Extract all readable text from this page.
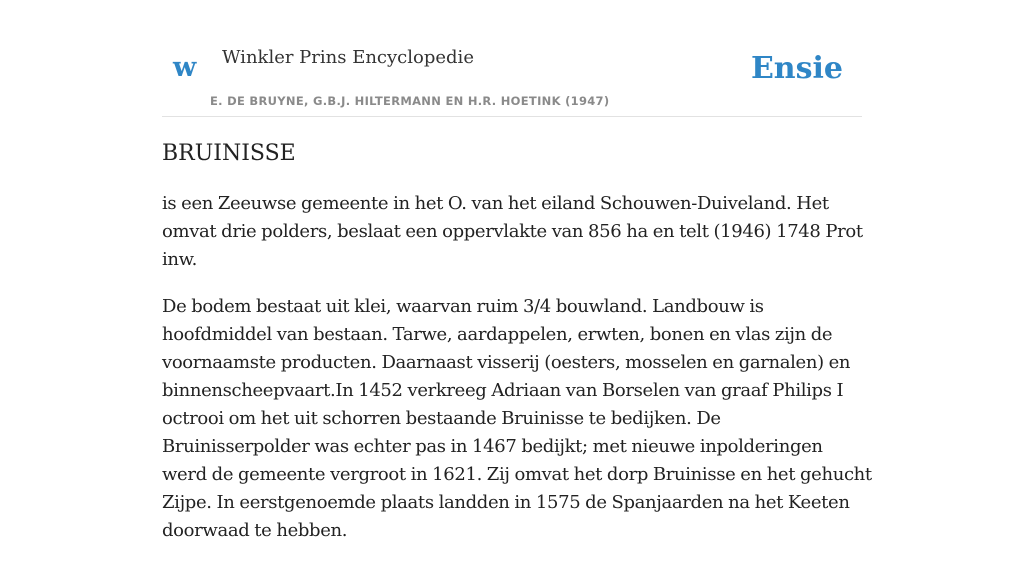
w Winkler Prins Encyclopedie
E. DE BRUYNE, G.B.J. HILTERMANN EN H.R. HOETINK (1947)
Ensie
BRUINISSE

is een Zeeuwse gemeente in het O. van het eiland Schouwen-Duiveland. Het omvat drie polders, beslaat een oppervlakte van 856 ha en telt (1946) 1748 Prot inw.

De bodem bestaat uit klei, waarvan ruim 3/4 bouwland. Landbouw is hoofdmiddel van bestaan. Tarwe, aardappelen, erwten, bonen en vlas zijn de voornaamste producten. Daarnaast visserij (oesters, mosselen en garnalen) en binnenscheepvaart.In 1452 verkreeg Adriaan van Borselen van graaf Philips I octrooi om het uit schorren bestaande Bruinisse te bedijken. De Bruinisserpolder was echter pas in 1467 bedijkt; met nieuwe inpolderingen werd de gemeente vergroot in 1621. Zij omvat het dorp Bruinisse en het gehucht Zijpe. In eerstgenoemde plaats landden in 1575 de Spanjaarden na het Keeten doorwaad te hebben.
